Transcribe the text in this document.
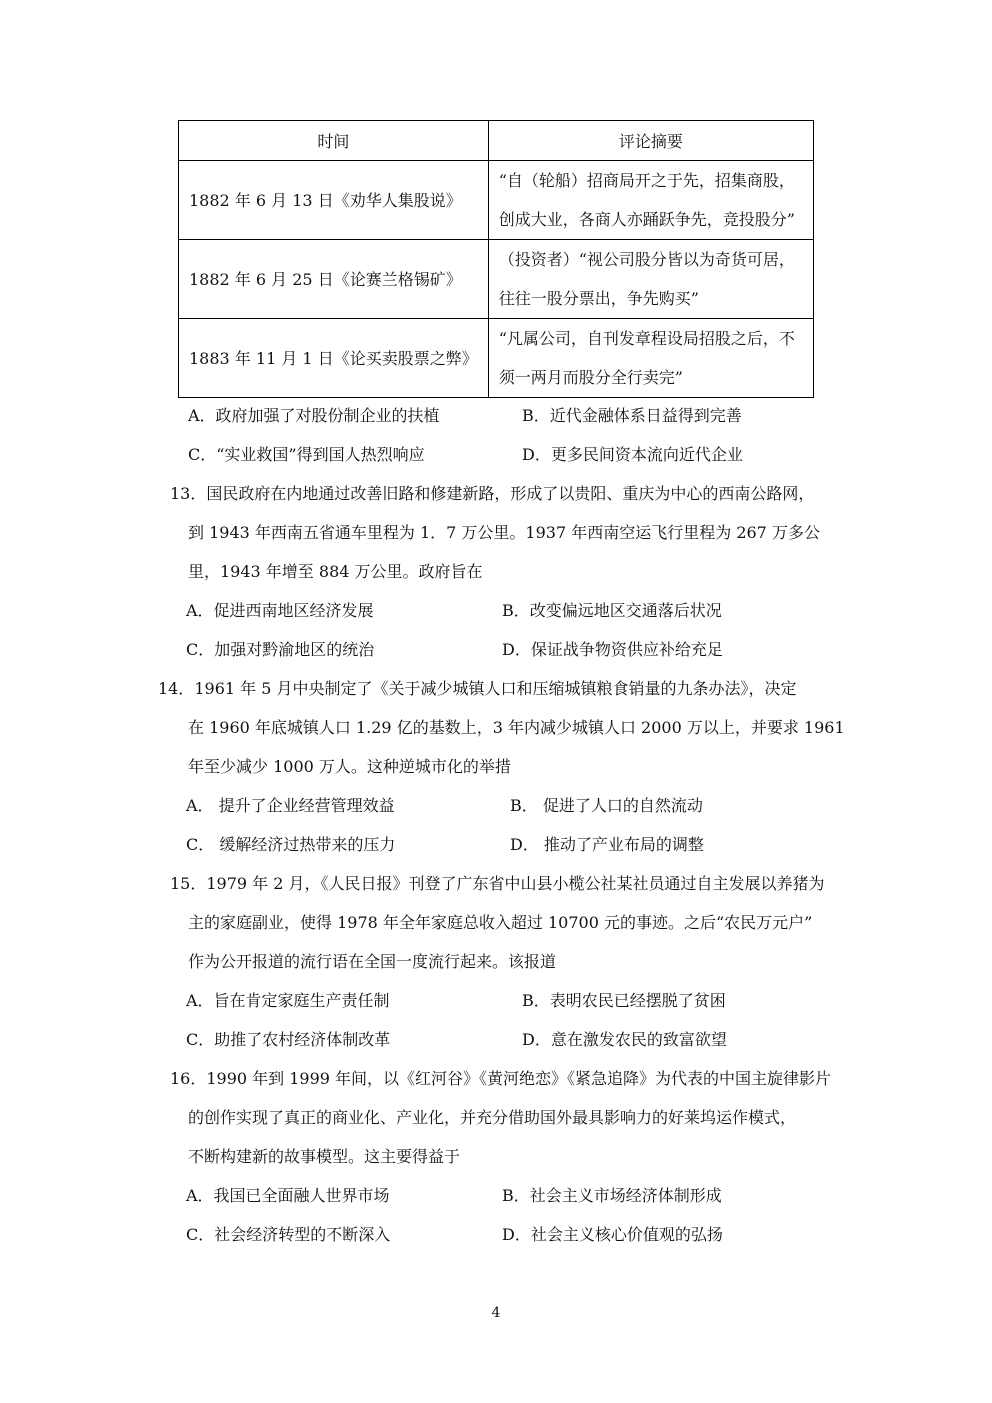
时间	评论摘要
1882 年 6 月 13 日《劝华人集股说》	“自（轮船）招商局开之于先，招集商股，
创成大业，各商人亦踊跃争先，竞投股分”

1882 年 6 月 25 日《论赛兰格锡矿》	（投资者）“视公司股分皆以为奇货可居，
往往一股分票出，争先购买”

1883 年 11 月 1 日《论买卖股票之弊》	“凡属公司，自刊发章程设局招股之后，不
须一两月而股分全行卖完”
A．政府加强了对股份制企业的扶植	B．近代金融体系日益得到完善
C．“实业救国”得到国人热烈响应	D．更多民间资本流向近代企业
13．国民政府在内地通过改善旧路和修建新路，形成了以贵阳、重庆为中心的西南公路网，
到 1943 年西南五省通车里程为 1．7 万公里。1937 年西南空运飞行里程为 267 万多公
里，1943 年增至 884 万公里。政府旨在
A．促进西南地区经济发展	B．改变偏远地区交通落后状况
C．加强对黔渝地区的统治	D．保证战争物资供应补给充足
14．1961 年 5 月中央制定了《关于减少城镇人口和压缩城镇粮食销量的九条办法》，决定
在 1960 年底城镇人口 1.29 亿的基数上，3 年内减少城镇人口 2000 万以上，并要求 1961
年至少减少 1000 万人。这种逆城市化的举措
A． 提升了企业经营管理效益	B． 促进了人口的自然流动
C． 缓解经济过热带来的压力	D． 推动了产业布局的调整
15．1979 年 2 月，《人民日报》刊登了广东省中山县小榄公社某社员通过自主发展以养猪为
主的家庭副业，使得 1978 年全年家庭总收入超过 10700 元的事迹。之后“农民万元户”
作为公开报道的流行语在全国一度流行起来。该报道
A．旨在肯定家庭生产责任制	B．表明农民已经摆脱了贫困
C．助推了农村经济体制改革	D．意在激发农民的致富欲望
16．1990 年到 1999 年间，以《红河谷》《黄河绝恋》《紧急追降》为代表的中国主旋律影片
的创作实现了真正的商业化、产业化，并充分借助国外最具影响力的好莱坞运作模式，
不断构建新的故事模型。这主要得益于
A．我国已全面融人世界市场	B．社会主义市场经济体制形成
C．社会经济转型的不断深入	D．社会主义核心价值观的弘扬
4
